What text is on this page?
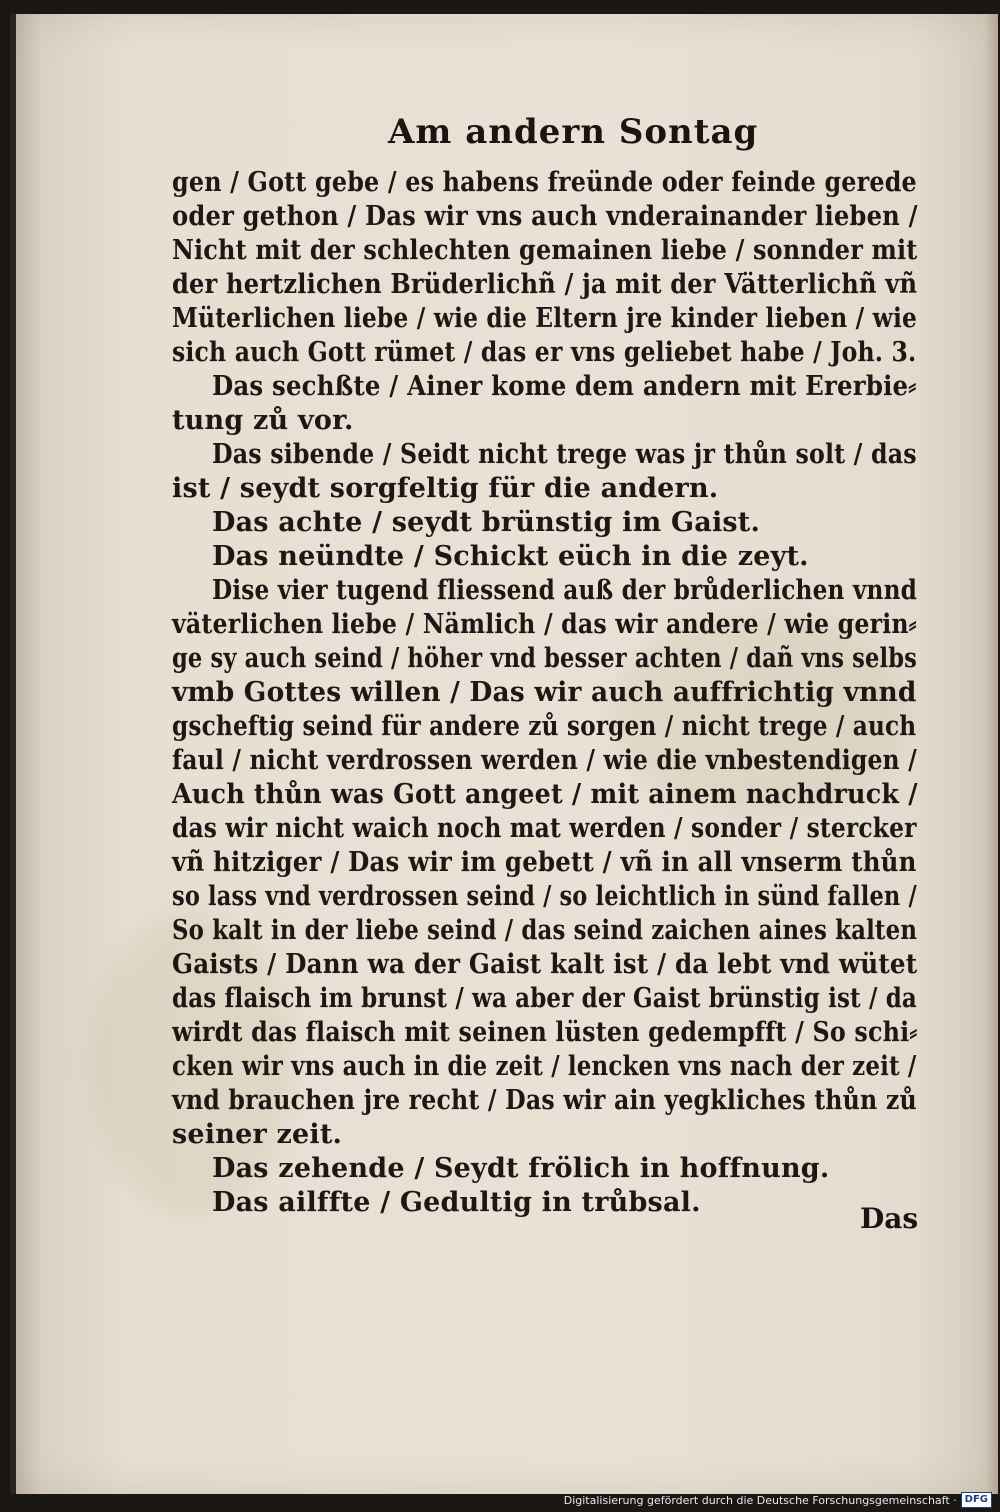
Am andern Sontag
gen / Gott gebe / es habens freünde oder feinde gerede
oder gethon / Das wir vns auch vnderainander lieben /
Nicht mit der schlechten gemainen liebe / sonnder mit
der hertzlichen Brüderlichñ / ja mit der Vätterlichñ vñ
Müterlichen liebe / wie die Eltern jre kinder lieben / wie
sich auch Gott rümet / das er vns geliebet habe / Joh. 3.
Das sechßte / Ainer kome dem andern mit Ererbie⸗
tung zů vor.
Das sibende / Seidt nicht trege was jr thůn solt / das
ist / seydt sorgfeltig für die andern.
Das achte / seydt brünstig im Gaist.
Das neündte / Schickt eüch in die zeyt.
Dise vier tugend fliessend auß der brůderlichen vnnd
väterlichen liebe / Nämlich / das wir andere / wie gerin⸗
ge sy auch seind / höher vnd besser achten / dañ vns selbs
vmb Gottes willen / Das wir auch auffrichtig vnnd
gscheftig seind für andere zů sorgen / nicht trege / auch
faul / nicht verdrossen werden / wie die vnbestendigen /
Auch thůn was Gott angeet / mit ainem nachdruck /
das wir nicht waich noch mat werden / sonder / stercker
vñ hitziger / Das wir im gebett / vñ in all vnserm thůn
so lass vnd verdrossen seind / so leichtlich in sünd fallen /
So kalt in der liebe seind / das seind zaichen aines kalten
Gaists / Dann wa der Gaist kalt ist / da lebt vnd wütet
das flaisch im brunst / wa aber der Gaist brünstig ist / da
wirdt das flaisch mit seinen lüsten gedempfft / So schi⸗
cken wir vns auch in die zeit / lencken vns nach der zeit /
vnd brauchen jre recht / Das wir ain yegkliches thůn zů
seiner zeit.
Das zehende / Seydt frölich in hoffnung.
Das ailffte / Gedultig in trůbsal.	Das
Digitalisierung gefördert durch die Deutsche Forschungsgemeinschaft · DFG
